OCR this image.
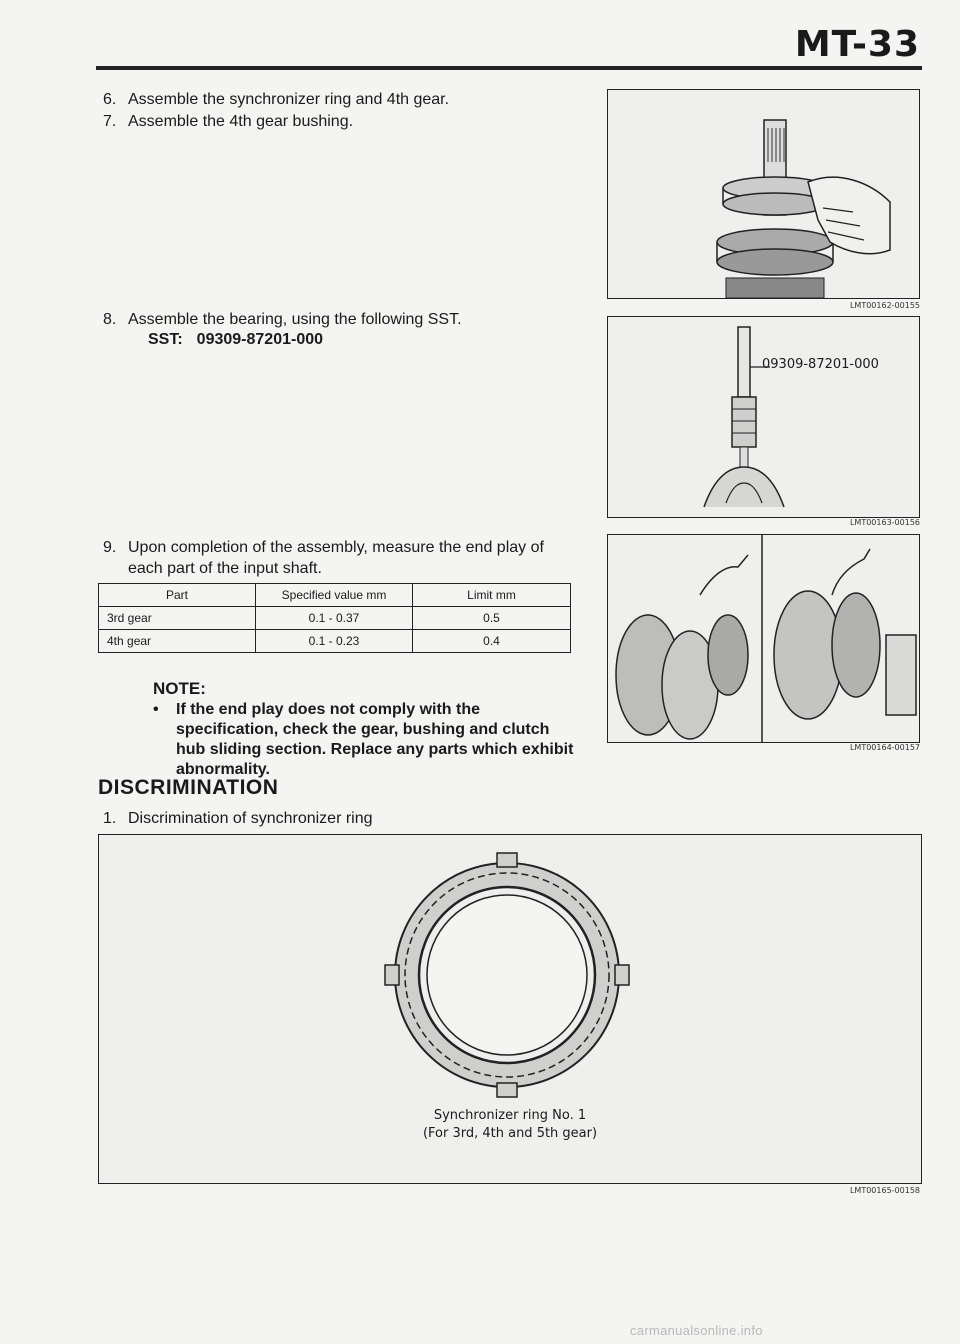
MT-33
6. Assemble the synchronizer ring and 4th gear.
7. Assemble the 4th gear bushing.
LMT00162-00155
8. Assemble the bearing, using the following SST.
SST: 09309-87201-000
09309-87201-000
LMT00163-00156
9. Upon completion of the assembly, measure the end play of each part of the input shaft.
Part	Specified value mm	Limit mm
3rd gear	0.1 - 0.37	0.5
4th gear	0.1 - 0.23	0.4
LMT00164-00157
NOTE:
•	If the end play does not comply with the specification, check the gear, bushing and clutch hub sliding section. Replace any parts which exhibit abnormality.
DISCRIMINATION
1. Discrimination of synchronizer ring
Synchronizer ring No. 1
(For 3rd, 4th and 5th gear)
LMT00165-00158
carmanualsonline.info
